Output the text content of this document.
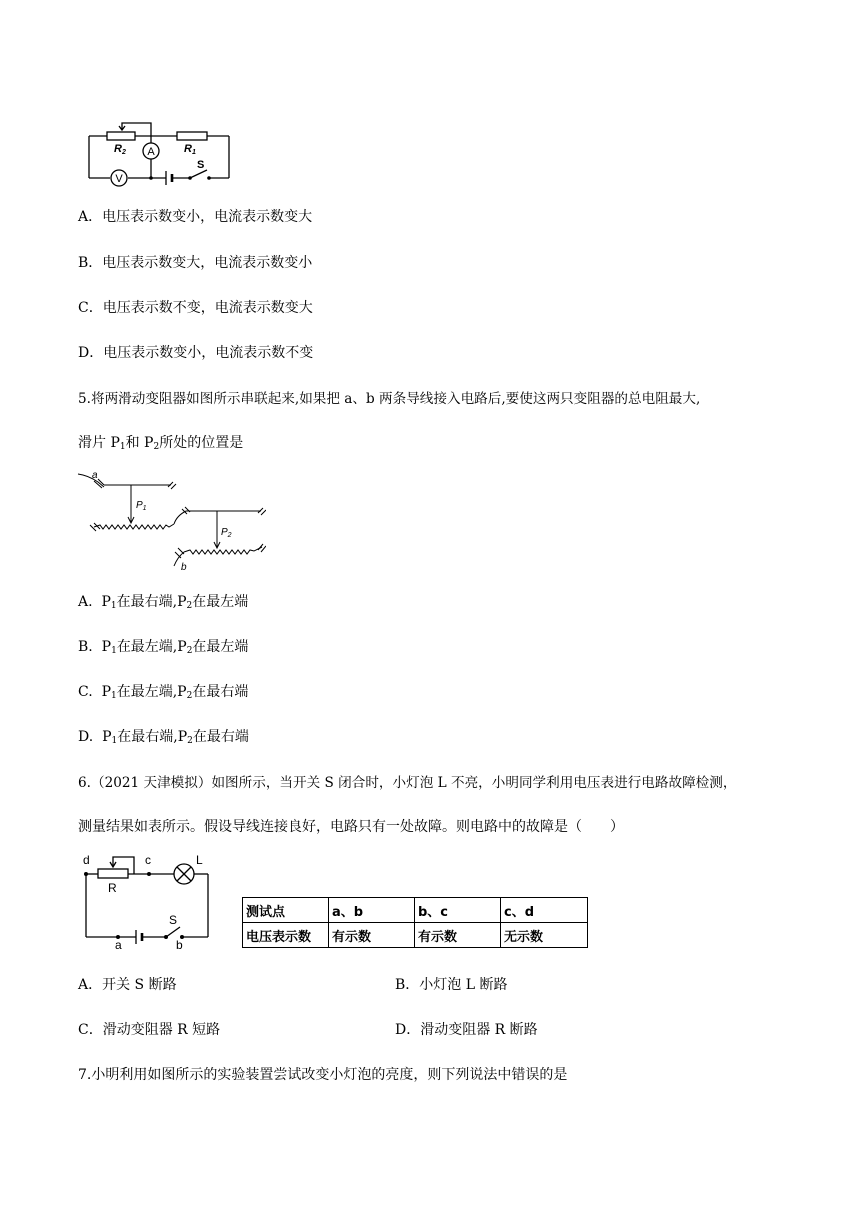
A
V
R2	R1
S
A．电压表示数变小，电流表示数变大
B．电压表示数变大，电流表示数变小
C．电压表示数不变，电流表示数变大
D．电压表示数变小，电流表示数不变
5.将两滑动变阻器如图所示串联起来,如果把 a、b 两条导线接入电路后,要使这两只变阻器的总电阻最大,
滑片 $P_1$和 $P_2$所处的位置是
a
$P_1$
$P_2$
b
A. $P_1$在最右端$,P_2$在最左端
B. $P_1$在最左端$,P_2$在最左端
C. $P_1$在最左端$,P_2$在最右端
D. $P_1$在最右端$,P_2$在最右端
6.（2021 天津模拟）如图所示，当开关 S 闭合时，小灯泡 L 不亮，小明同学利用电压表进行电路故障检测，
测量结果如表所示。假设导线连接良好，电路只有一处故障。则电路中的故障是（　　）
d	c	L
R
S
a	b
测试点	a、b	b、c	c、d
电压表示数	有示数	有示数	无示数
A．开关 S 断路	B．小灯泡 L 断路
C．滑动变阻器 R 短路	D．滑动变阻器 R 断路
7.小明利用如图所示的实验装置尝试改变小灯泡的亮度，则下列说法中错误的是
